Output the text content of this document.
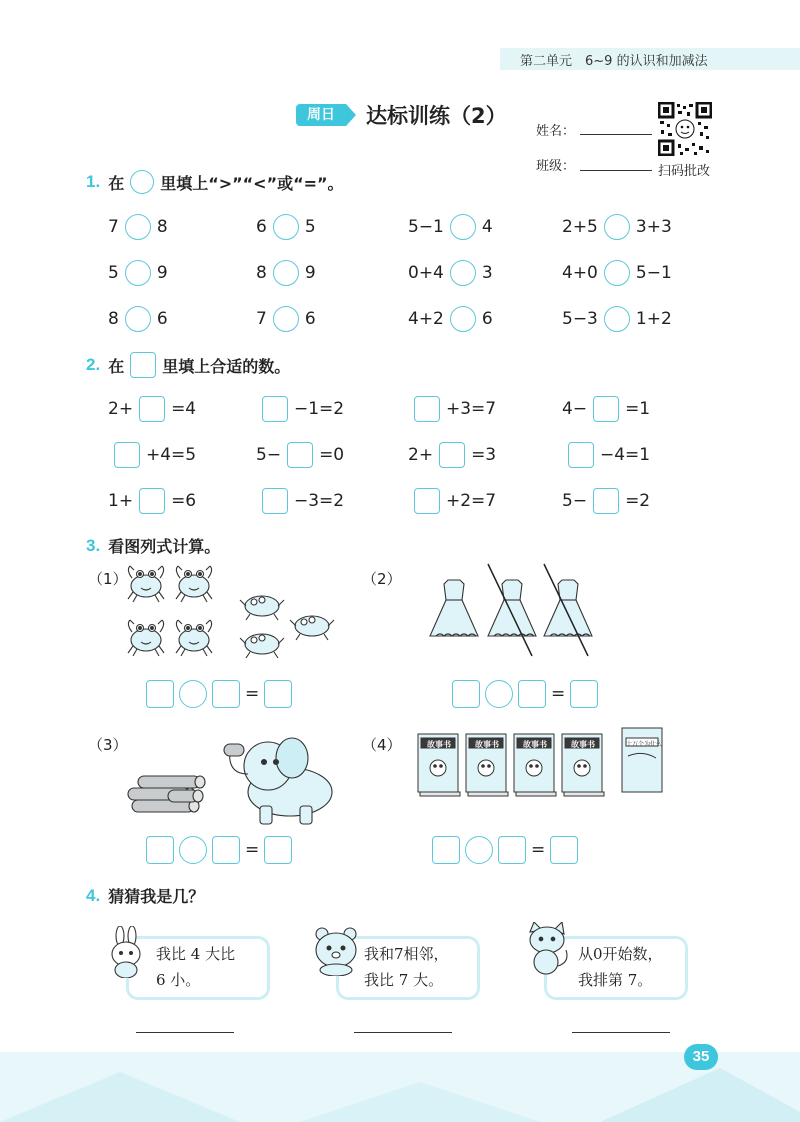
第二单元　6~9 的认识和加减法
周日	达标训练（2）
姓名：
班级：	扫码批改
1. 在 里填上“>”“<”或“=”。
7 8	6 5	5−1 4	2+5 3+3
5 9	8 9	0+4 3	4+0 5−1
8 6	7 6	4+2 6	5−3 1+2
2. 在 里填上合适的数。
2+ =4	−1=2	+3=7	4− =1
+4=5	5− =0	2+ =3	−4=1
1+ =6	−3=2	+2=7	5− =2
3. 看图列式计算。
（1）	（2）
（3）	（4）
=	=
故事书	故事书	故事书	故事书	十万个为什么
=	=
4. 猜猜我是几？
我比 4 大比
6 小。
我和7相邻，
我比 7 大。
从0开始数，
我排第 7。
35
